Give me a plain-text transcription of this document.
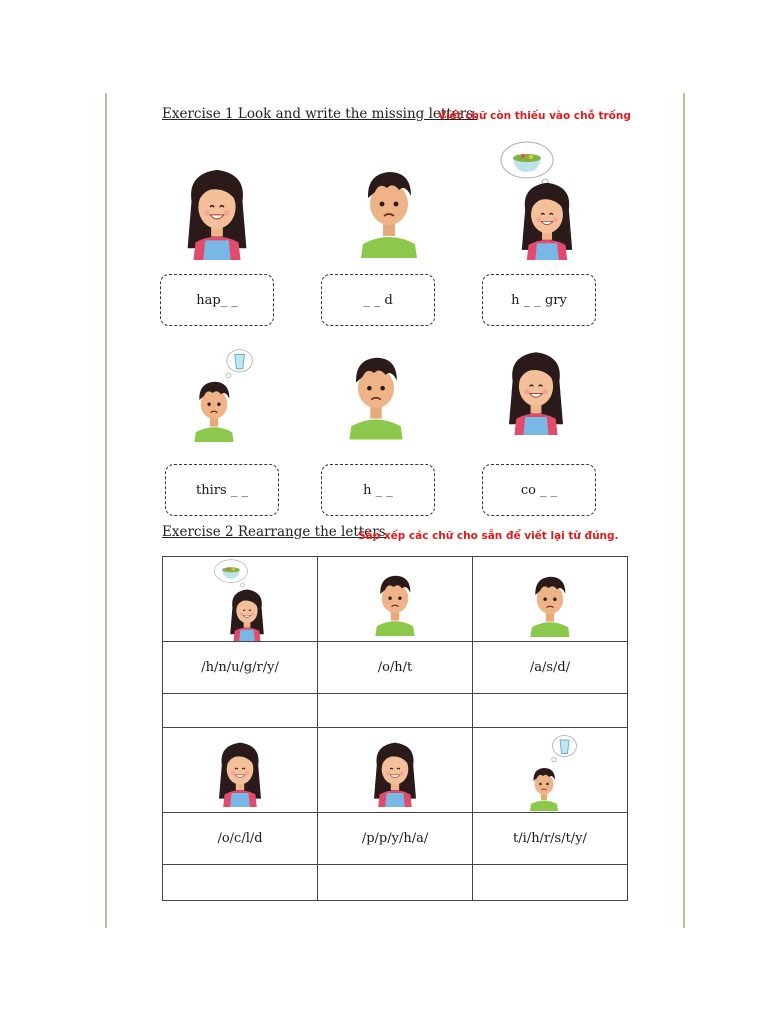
Exercise 1 Look and write the missing letters.
Viết chữ còn thiếu vào chỗ trống
hap_ _	_ _ d	h _ _ gry
thirs _ _	h _ _	co _ _
Exercise 2 Rearrange the letters
Sắp xếp các chữ cho sẵn để viết lại từ đúng.

/h/n/u/g/r/y/	/o/h/t	/a/s/d/

/o/c/l/d	/p/p/y/h/a/	t/i/h/r/s/t/y/
